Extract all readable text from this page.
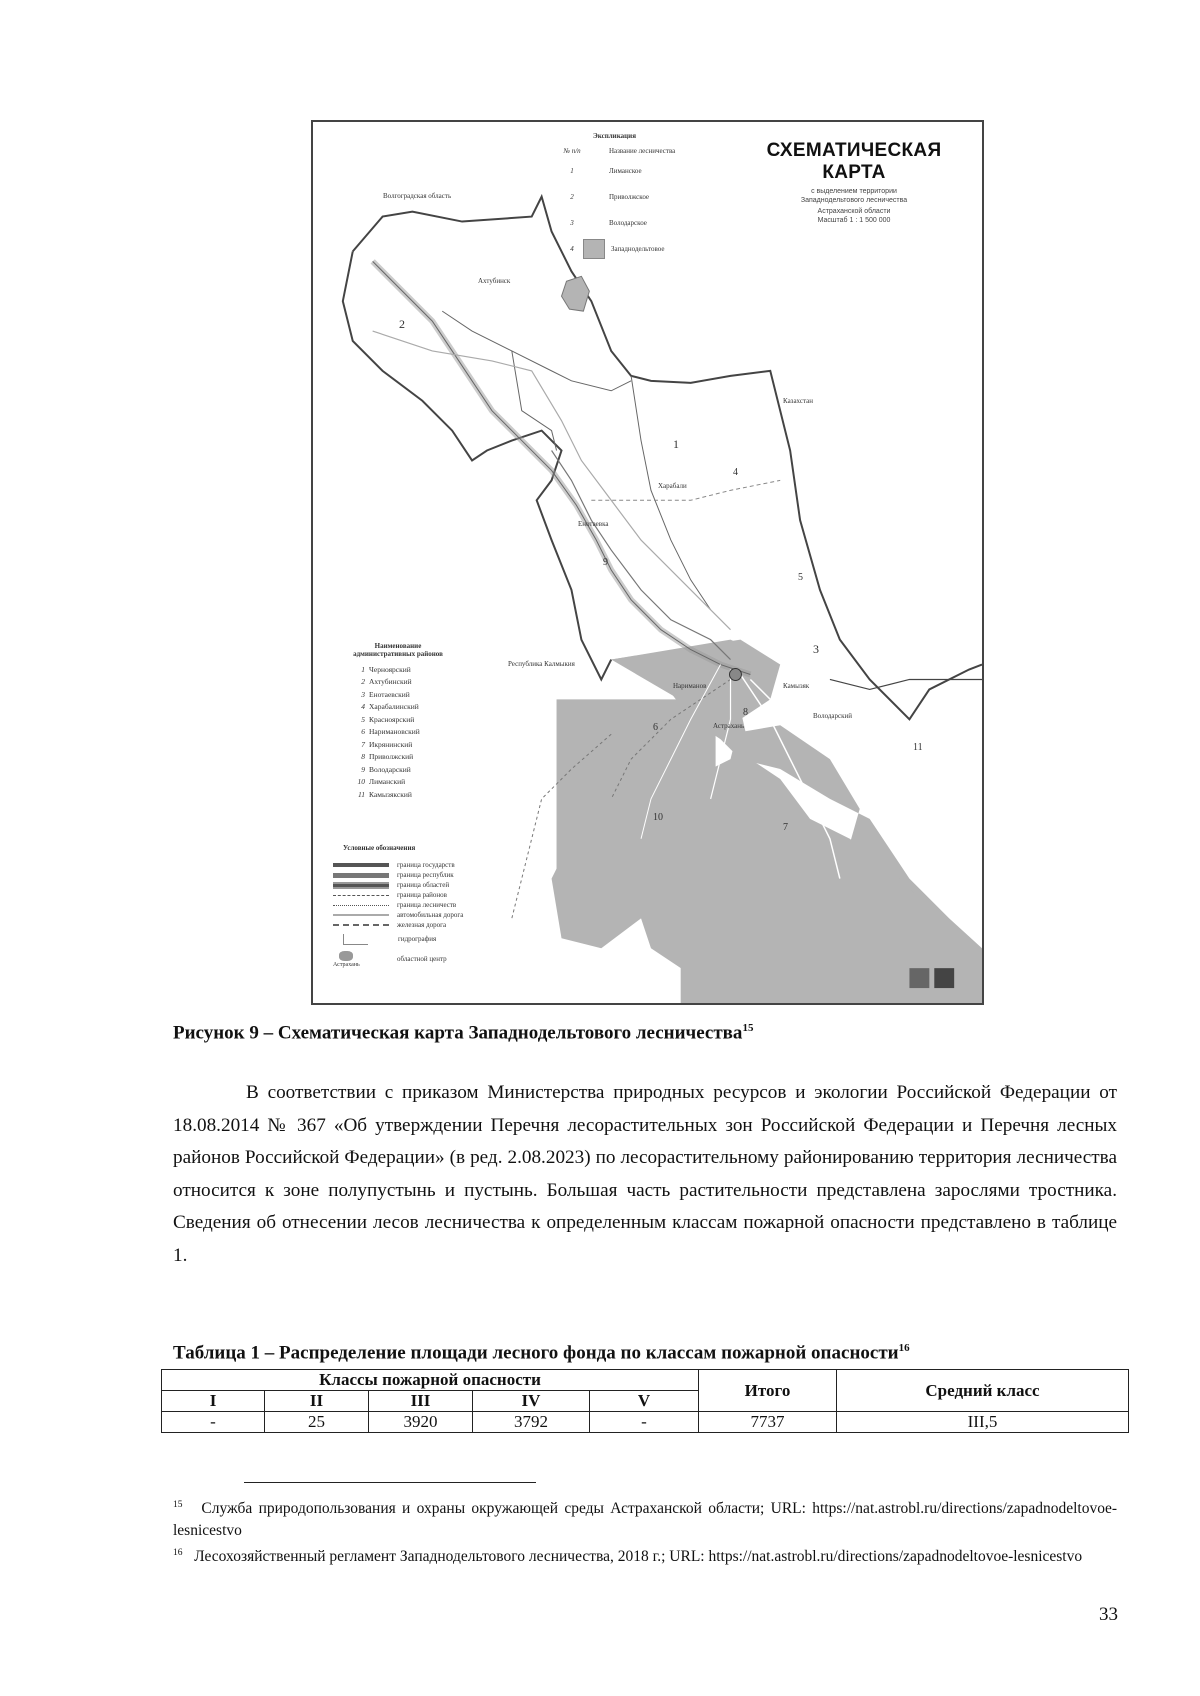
Экспликация
№ п/п	Название лесничества
1	Лиманское
2	Приволжское
3	Володарское
4	Западнодельтовое
СХЕМАТИЧЕСКАЯ КАРТА
с выделением территории
Западнодельтового лесничества
Астраханской области
Масштаб 1 : 1 500 000
Волгоградская область
Казахстан
Республика Калмыкия
Ахтубинск
Харабали
Енотаевка
Астрахань
Нариманов	Камызяк
Володарский
2
1
3
4
5
6
7
8
9
10
11
Наименование административных районов
1 Черноярский
2 Ахтубинский
3 Енотаевский
4 Харабалинский
5 Красноярский
6 Наримановский
7 Икрянинский
8 Приволжский
9 Володарский
10 Лиманский
11 Камызякский
Условные обозначения
граница государств
граница республик
граница областей
граница районов
граница лесничеств
автомобильная дорога
железная дорога
гидрография
Астрахань
областной центр
Рисунок 9 – Схематическая карта Западнодельтового лесничества$^{15}$

В соответствии с приказом Министерства природных ресурсов и экологии Российской Федерации от 18.08.2014 № 367 «Об утверждении Перечня лесорастительных зон Российской Федерации и Перечня лесных районов Российской Федерации» (в ред. 2.08.2023) по лесорастительному районированию территория лесничества относится к зоне полупустынь и пустынь. Большая часть растительности представлена зарослями тростника. Сведения об отнесении лесов лесничества к определенным классам пожарной опасности представлено в таблице 1.

Таблица 1 – Распределение площади лесного фонда по классам пожарной опасности$^{16}$
Классы пожарной опасности					Итого	Средний класс
I	II	III	IV	V		
-	25	3920	3792	-	7737	III,5
$^{15}$ Служба природопользования и охраны окружающей среды Астраханской области; URL: https://nat.astrobl.ru/directions/zapadnodeltovoe-lesnicestvo
$^{16}$ Лесохозяйственный регламент Западнодельтового лесничества, 2018 г.; URL: https://nat.astrobl.ru/directions/zapadnodeltovoe-lesnicestvo
33
